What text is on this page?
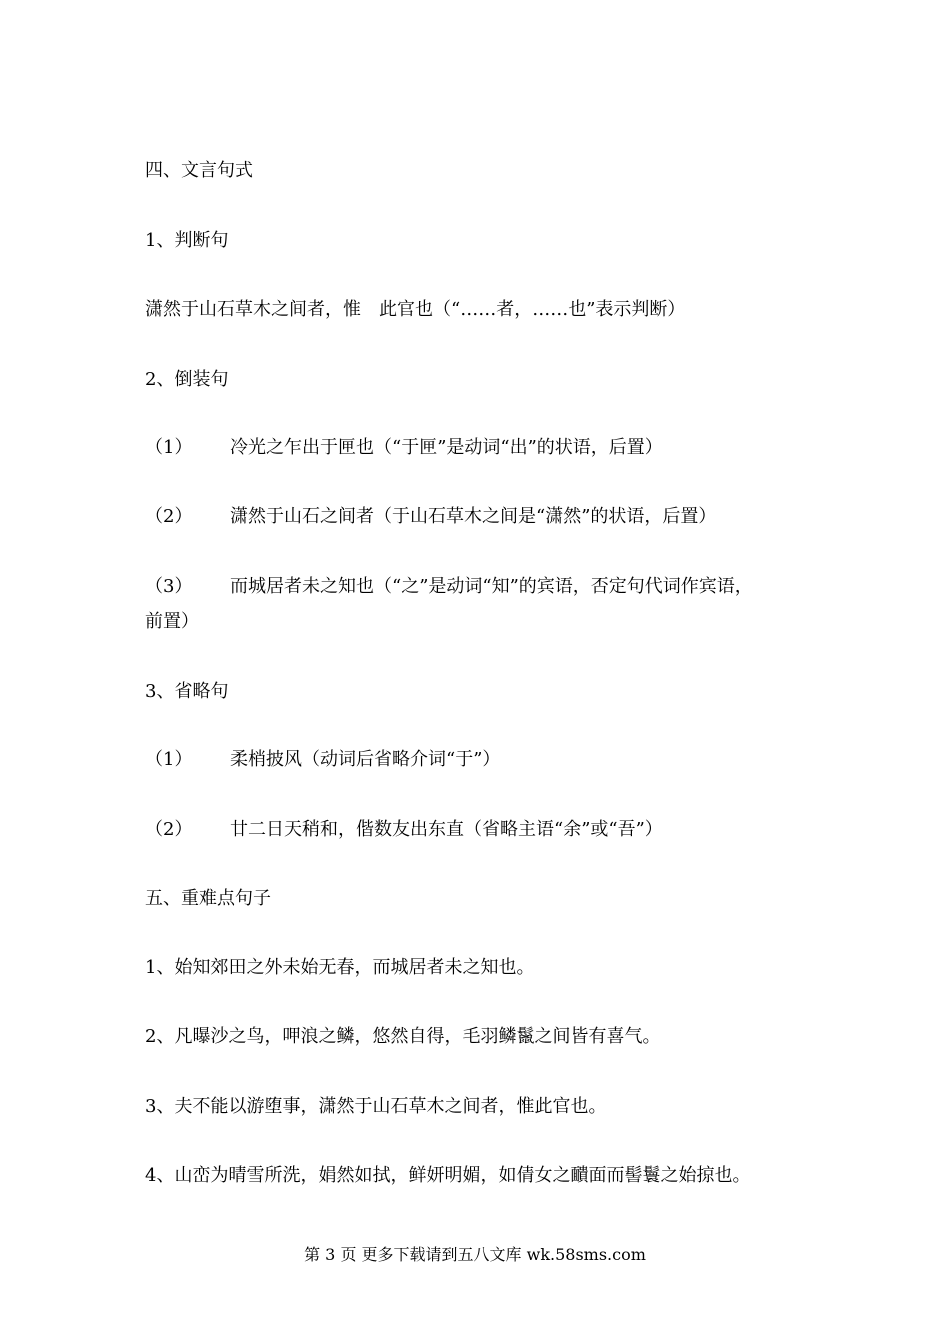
四、文言句式
1、判断句
潇然于山石草木之间者，惟　此官也（“……者，……也”表示判断）
2、倒装句
（1） 冷光之乍出于匣也（“于匣”是动词“出”的状语，后置）
（2） 潇然于山石之间者（于山石草木之间是“潇然”的状语，后置）
（3） 而城居者未之知也（“之”是动词“知”的宾语，否定句代词作宾语，
前置）
3、省略句
（1） 柔梢披风（动词后省略介词“于”）
（2） 廿二日天稍和，偕数友出东直（省略主语“余”或“吾”）
五、重难点句子
1、始知郊田之外未始无春，而城居者未之知也。
2、凡曝沙之鸟，呷浪之鳞，悠然自得，毛羽鳞鬣之间皆有喜气。
3、夫不能以游堕事，潇然于山石草木之间者，惟此官也。
4、山峦为晴雪所洗，娟然如拭，鲜妍明媚，如倩女之靧面而髻鬟之始掠也。
第 3 页 更多下载请到五八文库 wk.58sms.com
